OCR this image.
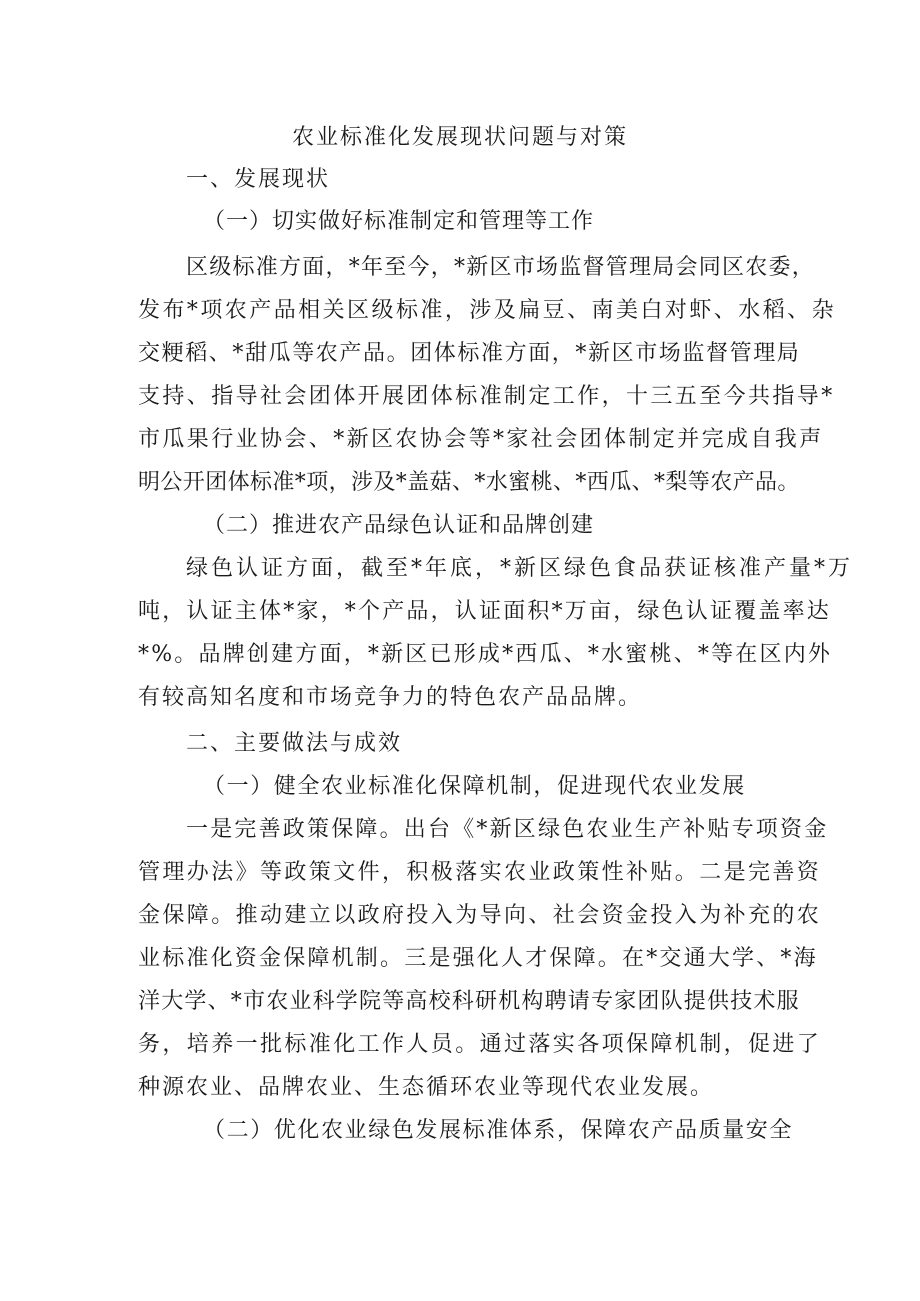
农业标准化发展现状问题与对策
一、发展现状
（一）切实做好标准制定和管理等工作
区级标准方面，*年至今，*新区市场监督管理局会同区农委，
发布*项农产品相关区级标准，涉及扁豆、南美白对虾、水稻、杂
交粳稻、*甜瓜等农产品。团体标准方面，*新区市场监督管理局
支持、指导社会团体开展团体标准制定工作，十三五至今共指导*
市瓜果行业协会、*新区农协会等*家社会团体制定并完成自我声
明公开团体标准*项，涉及*盖菇、*水蜜桃、*西瓜、*梨等农产品。
（二）推进农产品绿色认证和品牌创建
绿色认证方面，截至*年底，*新区绿色食品获证核准产量*万
吨，认证主体*家，*个产品，认证面积*万亩，绿色认证覆盖率达
*%。品牌创建方面，*新区已形成*西瓜、*水蜜桃、*等在区内外
有较高知名度和市场竞争力的特色农产品品牌。
二、主要做法与成效
（一）健全农业标准化保障机制，促进现代农业发展
一是完善政策保障。出台《*新区绿色农业生产补贴专项资金
管理办法》等政策文件，积极落实农业政策性补贴。二是完善资
金保障。推动建立以政府投入为导向、社会资金投入为补充的农
业标准化资金保障机制。三是强化人才保障。在*交通大学、*海
洋大学、*市农业科学院等高校科研机构聘请专家团队提供技术服
务，培养一批标准化工作人员。通过落实各项保障机制，促进了
种源农业、品牌农业、生态循环农业等现代农业发展。
（二）优化农业绿色发展标准体系，保障农产品质量安全
